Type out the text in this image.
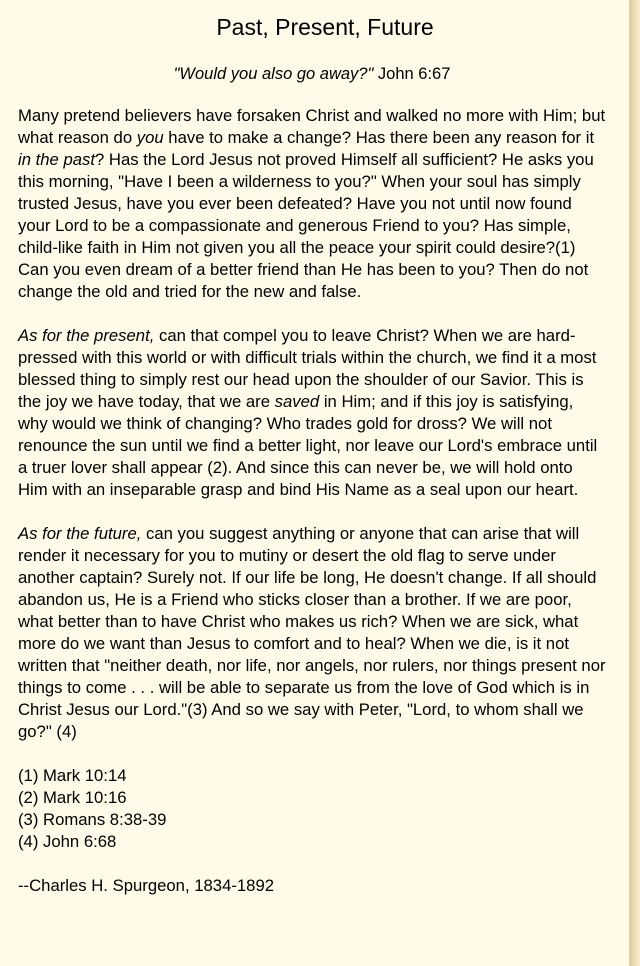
Past, Present, Future

"Would you also go away?" John 6:67

Many pretend believers have forsaken Christ and walked no more with Him; but what reason do you have to make a change? Has there been any reason for it in the past? Has the Lord Jesus not proved Himself all sufficient? He asks you this morning, "Have I been a wilderness to you?" When your soul has simply trusted Jesus, have you ever been defeated? Have you not until now found your Lord to be a compassionate and generous Friend to you? Has simple, child-like faith in Him not given you all the peace your spirit could desire?(1) Can you even dream of a better friend than He has been to you? Then do not change the old and tried for the new and false.

As for the present, can that compel you to leave Christ? When we are hard-pressed with this world or with difficult trials within the church, we find it a most blessed thing to simply rest our head upon the shoulder of our Savior. This is the joy we have today, that we are saved in Him; and if this joy is satisfying, why would we think of changing? Who trades gold for dross? We will not renounce the sun until we find a better light, nor leave our Lord's embrace until a truer lover shall appear (2). And since this can never be, we will hold onto Him with an inseparable grasp and bind His Name as a seal upon our heart.

As for the future, can you suggest anything or anyone that can arise that will render it necessary for you to mutiny or desert the old flag to serve under another captain? Surely not. If our life be long, He doesn't change. If all should abandon us, He is a Friend who sticks closer than a brother. If we are poor, what better than to have Christ who makes us rich? When we are sick, what more do we want than Jesus to comfort and to heal? When we die, is it not written that "neither death, nor life, nor angels, nor rulers, nor things present nor things to come . . . will be able to separate us from the love of God which is in Christ Jesus our Lord."(3) And so we say with Peter, "Lord, to whom shall we go?" (4)

(1) Mark 10:14
(2) Mark 10:16
(3) Romans 8:38-39
(4) John 6:68

--Charles H. Spurgeon, 1834-1892
